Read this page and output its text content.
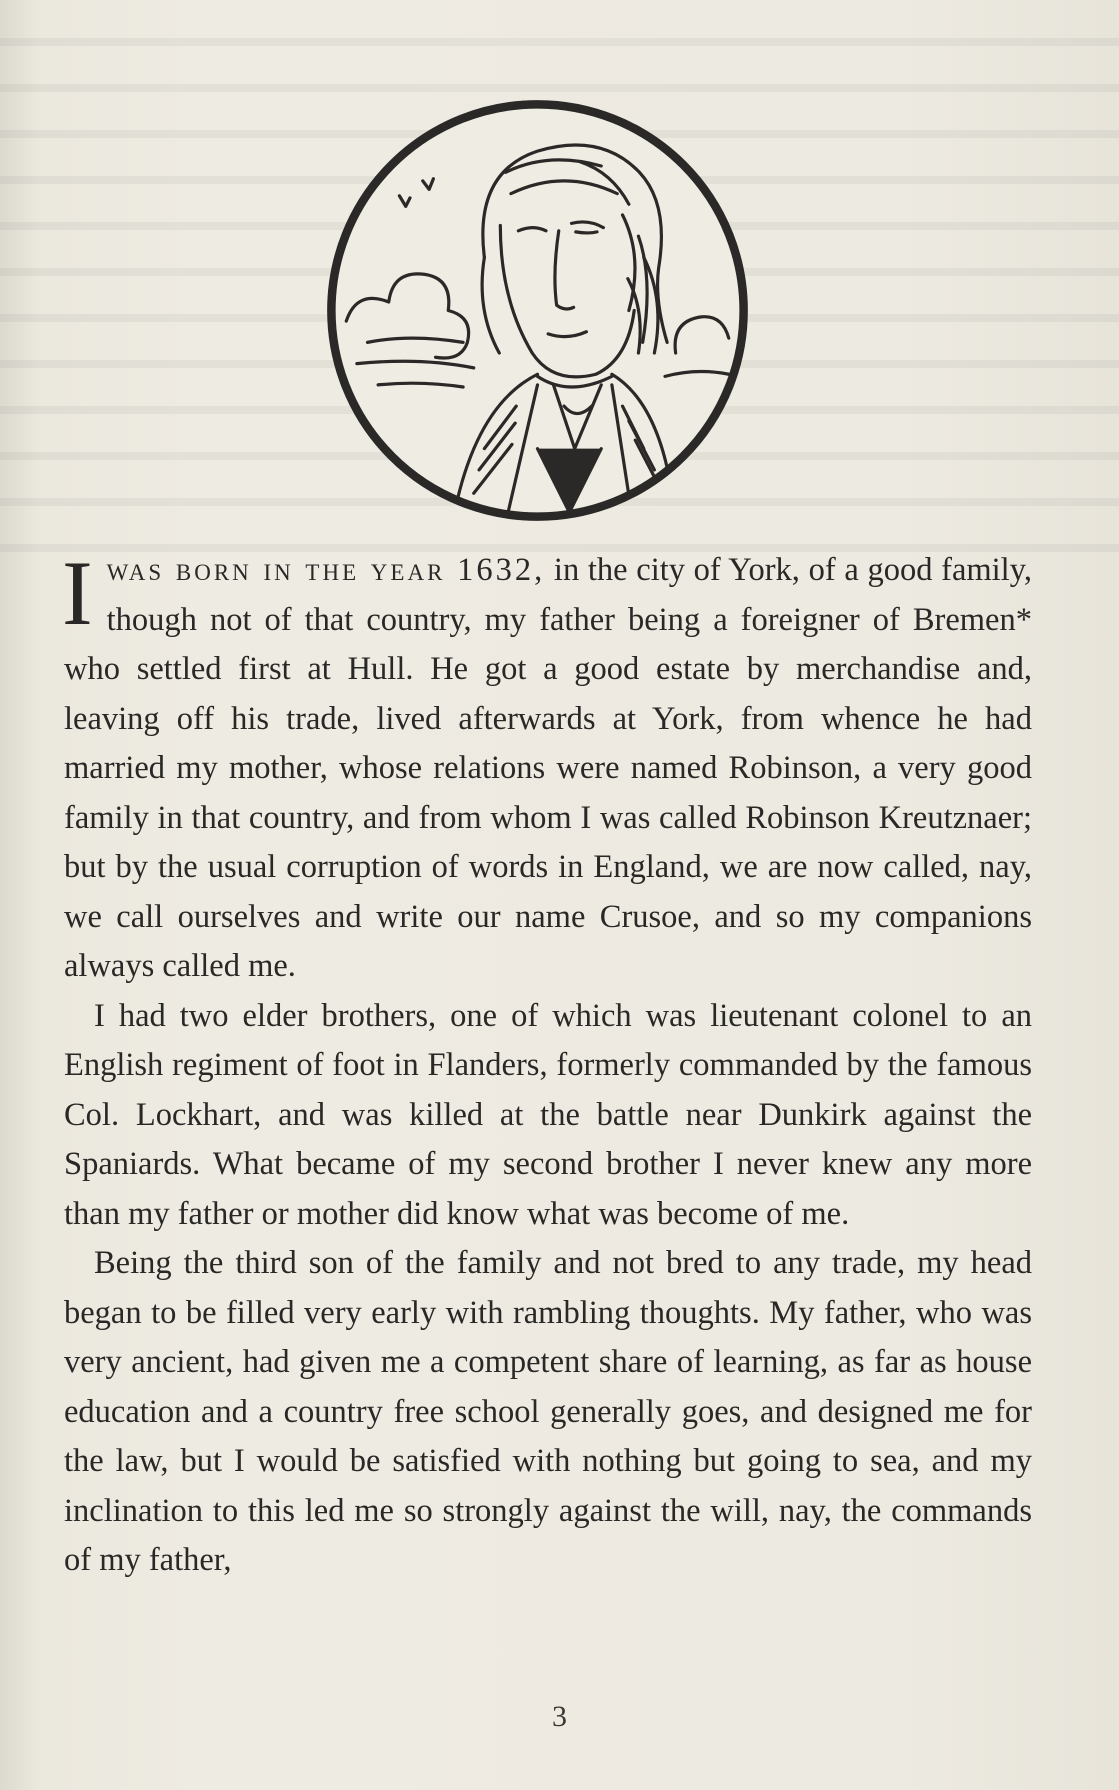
Iwas born in the year 1632, in the city of York, of a good family, though not of that country, my father being a foreigner of Bremen* who settled first at Hull. He got a good estate by merchandise and, leaving off his trade, lived afterwards at York, from whence he had married my mother, whose relations were named Robinson, a very good family in that country, and from whom I was called Robinson Kreutznaer; but by the usual corruption of words in England, we are now called, nay, we call ourselves and write our name Crusoe, and so my companions always called me.

I had two elder brothers, one of which was lieutenant colonel to an English regiment of foot in Flanders, formerly commanded by the famous Col. Lockhart, and was killed at the battle near Dunkirk against the Spaniards. What became of my second brother I never knew any more than my father or mother did know what was become of me.

Being the third son of the family and not bred to any trade, my head began to be filled very early with rambling thoughts. My father, who was very ancient, had given me a competent share of learning, as far as house education and a country free school generally goes, and designed me for the law, but I would be satisfied with nothing but going to sea, and my inclination to this led me so strongly against the will, nay, the commands of my father,

3
